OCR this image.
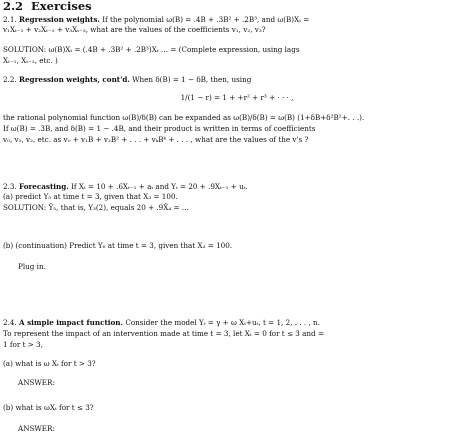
2.2 Exercises
2.1. Regression weights. If the polynomial ω(B) = .4B + .3B² + .2B³, and ω(B)Xₜ =
v₁Xₜ₋₁ + v₂Xₜ₋₂ + v₃Xₜ₋₃, what are the values of the coefficients v₁, v₂, v₃?
SOLUTION: ω(B)Xₜ = (.4B + .3B² + .2B³)Xₜ … = (Complete expression, using lags
Xₜ₋₁, Xₜ₋₂, etc. )
2.2. Regression weights, cont'd. When δ(B) = 1 − δB, then, using
1/(1 − r) = 1 + +r² + r³ + · · · ,
the rational polynomial function ω(B)/δ(B) can be expanded as ω(B)/δ(B) = ω(B) (1+δB+δ²B²+. . .).
If ω(B) = .3B, and δ(B) = 1 − .4B, and their product is written in terms of coefficients
v₀, v₁, v₂, etc. as v₀ + v₁B + v₂B² + . . . + vₖBᵏ + . . . , what are the values of the v's ?
2.3. Forecasting. If Xₜ = 10 + .6Xₜ₋₁ + aₜ and Yₜ = 20 + .9Xₜ₋₁ + uₜ.
(a) predict Y₅ at time t = 3, given that X₃ = 100.
SOLUTION: Ŷ₅, that is, Y₃(2), equals 20 + .9X̂₄ = …
(b) (continuation) Predict Y₆ at time t = 3, given that X₃ = 100.
Plug in.
2.4. A simple impact function. Consider the model Yₜ = γ + ω Xₜ+uₜ, t = 1, 2, . . . , n.
To represent the impact of an intervention made at time t = 3, let Xₜ = 0 for t ≤ 3 and =
1 for t > 3,
(a) what is ω Xₜ for t > 3?
ANSWER:
(b) what is ωXₜ for t ≤ 3?
ANSWER:
